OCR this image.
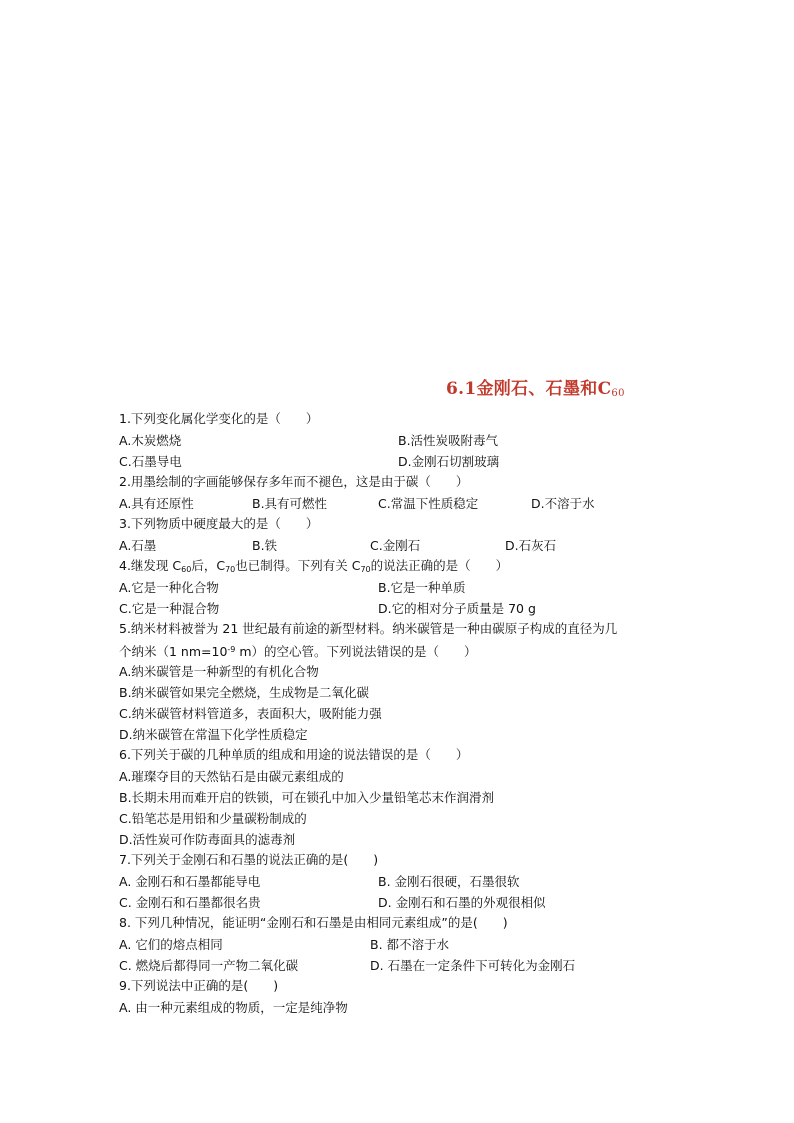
6.1金刚石、石墨和$C_{60}$
1.下列变化属化学变化的是（　　）
A.木炭燃烧	B.活性炭吸附毒气
C.石墨导电	D.金刚石切割玻璃
2.用墨绘制的字画能够保存多年而不褪色，这是由于碳（　　）
A.具有还原性	B.具有可燃性	C.常温下性质稳定	D.不溶于水
3.下列物质中硬度最大的是（　　）
A.石墨	B.铁	C.金刚石	D.石灰石
4.继发现 $C_{60}$后，$C_{70}$也已制得。下列有关 $C_{70}$的说法正确的是（　　）
A.它是一种化合物	B.它是一种单质
C.它是一种混合物	D.它的相对分子质量是 70 g
5.纳米材料被誉为 21 世纪最有前途的新型材料。纳米碳管是一种由碳原子构成的直径为几
个纳米（1 $nm=10^{-9}$ m）的空心管。下列说法错误的是（　　）
A.纳米碳管是一种新型的有机化合物
B.纳米碳管如果完全燃烧，生成物是二氧化碳
C.纳米碳管材料管道多，表面积大，吸附能力强
D.纳米碳管在常温下化学性质稳定
6.下列关于碳的几种单质的组成和用途的说法错误的是（　　）
A.璀璨夺目的天然钻石是由碳元素组成的
B.长期未用而难开启的铁锁，可在锁孔中加入少量铅笔芯末作润滑剂
C.铅笔芯是用铅和少量碳粉制成的
D.活性炭可作防毒面具的滤毒剂
7.下列关于金刚石和石墨的说法正确的是(　　)
A. 金刚石和石墨都能导电	B. 金刚石很硬，石墨很软
C. 金刚石和石墨都很名贵	D. 金刚石和石墨的外观很相似
8. 下列几种情况，能证明“金刚石和石墨是由相同元素组成”的是(　　)
A. 它们的熔点相同	B. 都不溶于水
C. 燃烧后都得同一产物二氧化碳	D. 石墨在一定条件下可转化为金刚石
9.下列说法中正确的是(　　)
A. 由一种元素组成的物质，一定是纯净物
